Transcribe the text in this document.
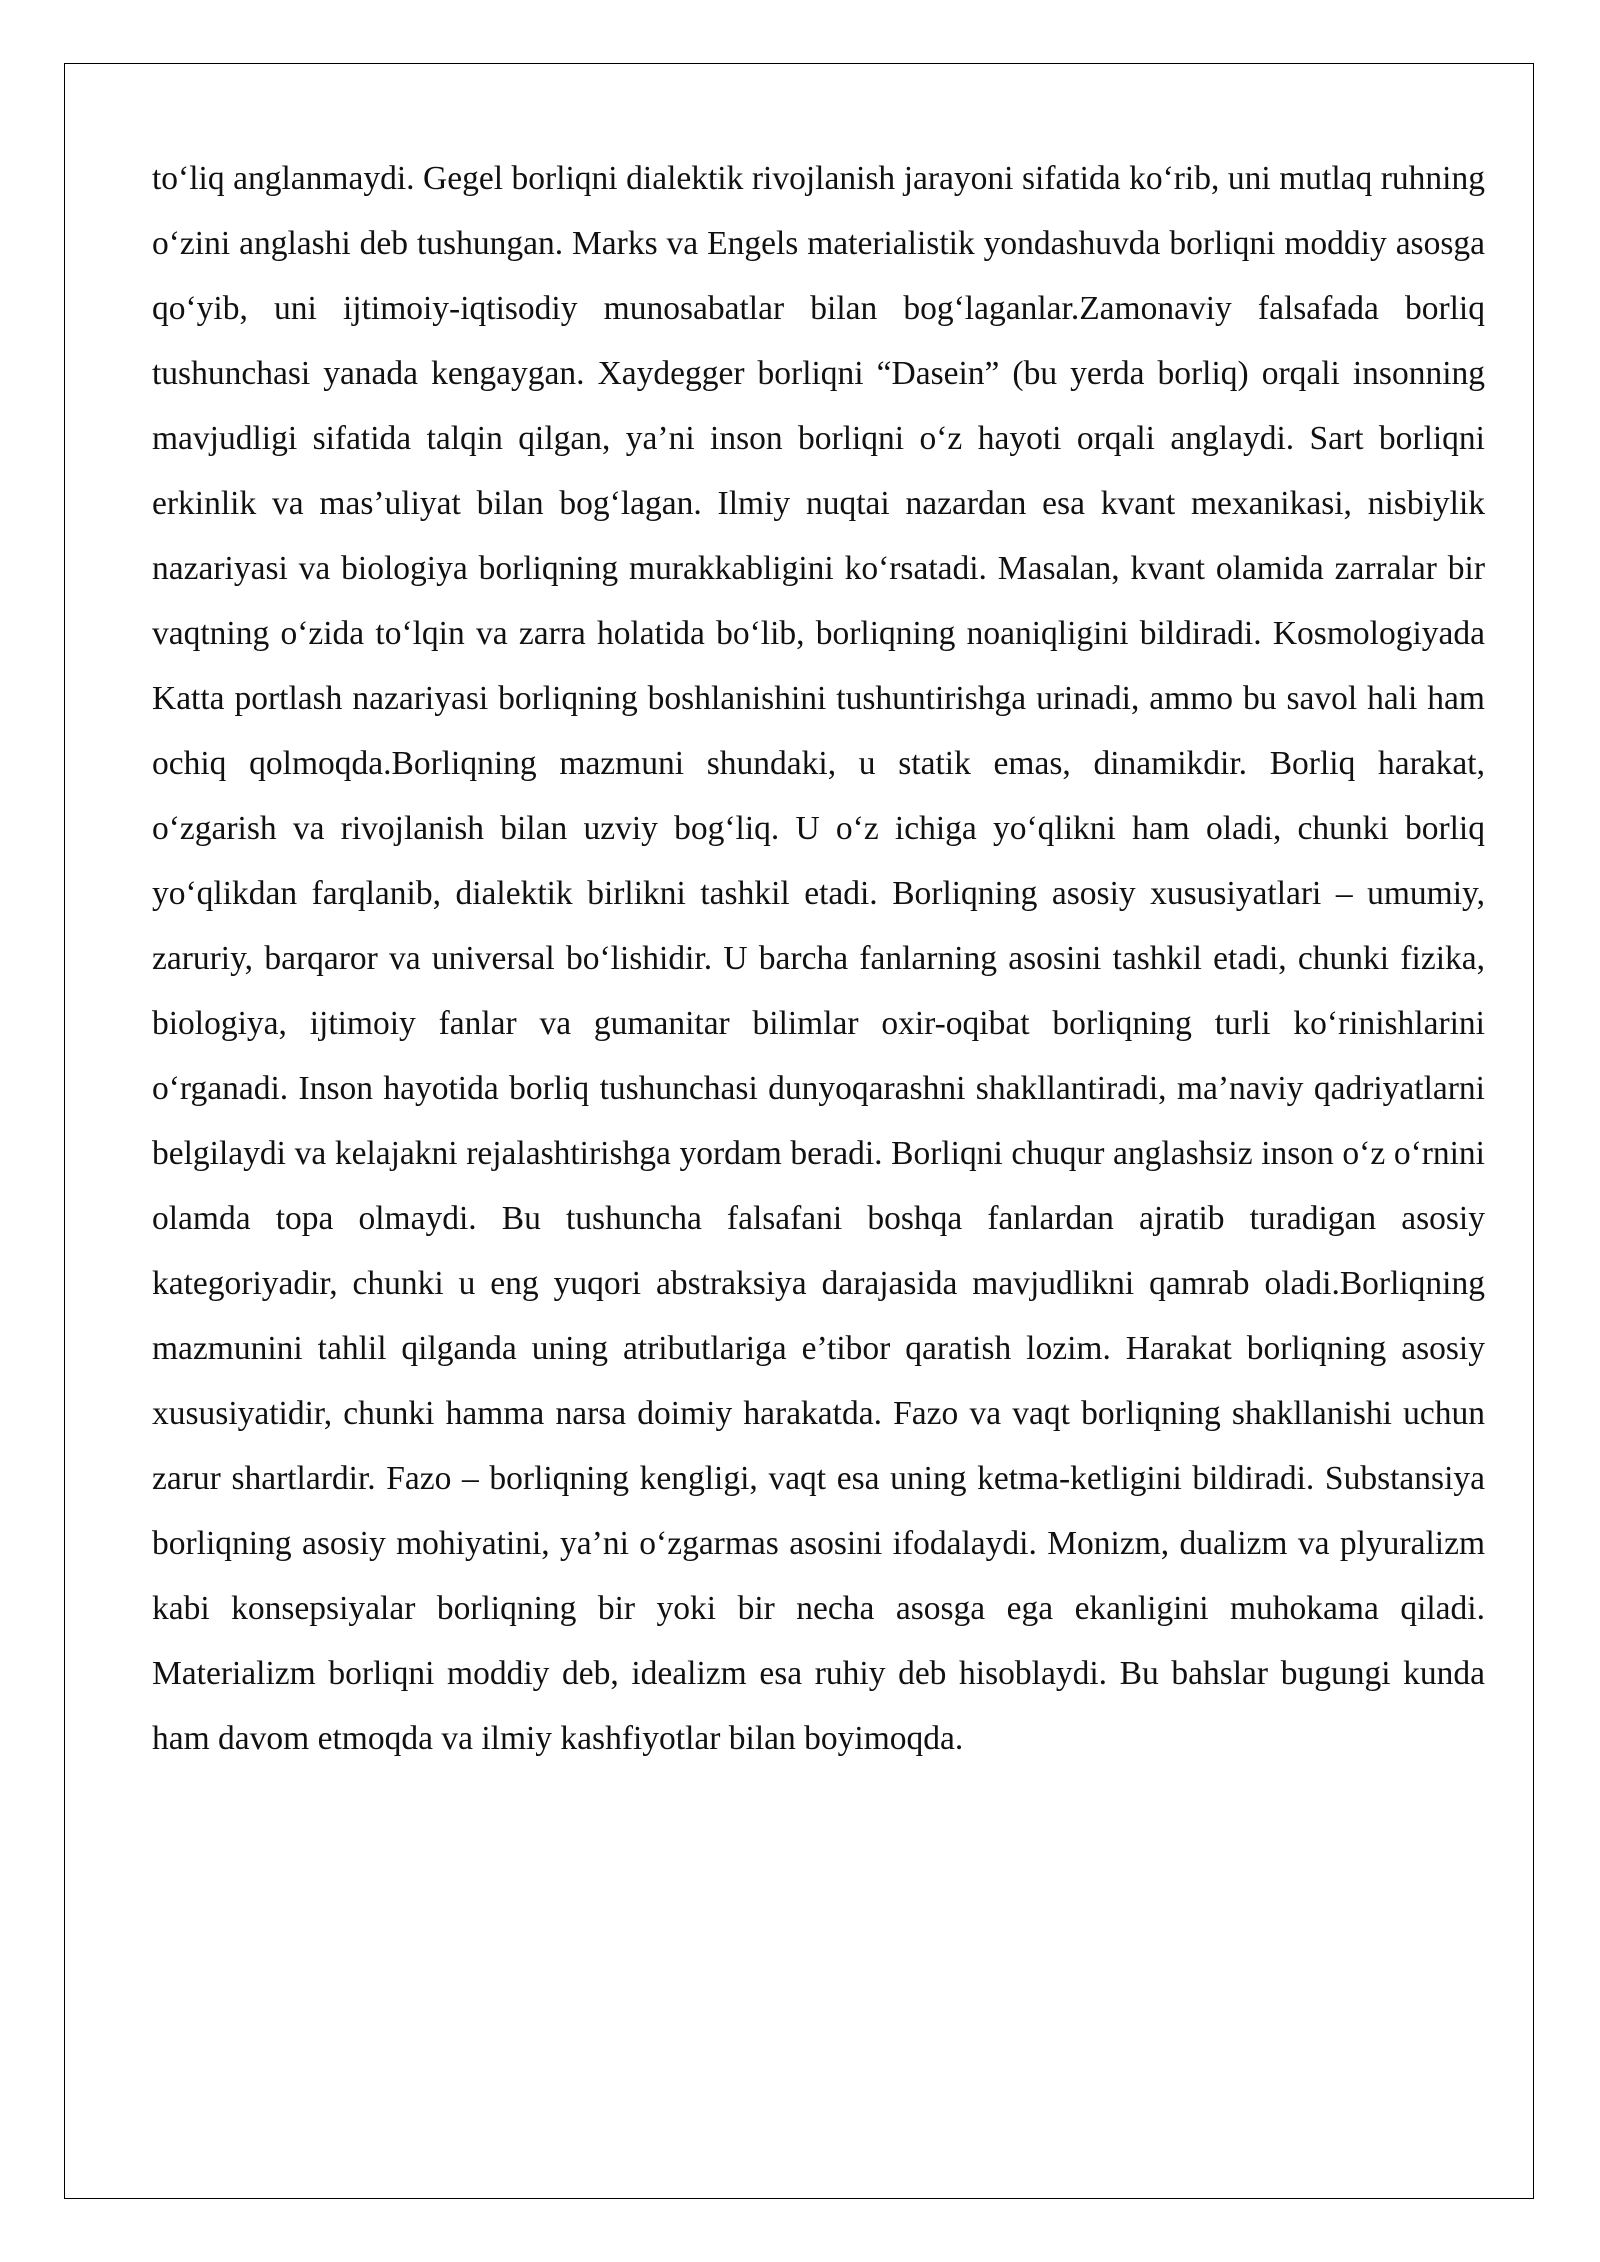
to‘liq anglanmaydi. Gegel borliqni dialektik rivojlanish jarayoni sifatida ko‘rib, uni mutlaq ruhning o‘zini anglashi deb tushungan. Marks va Engels materialistik yondashuvda borliqni moddiy asosga qo‘yib, uni ijtimoiy-iqtisodiy munosabatlar bilan bog‘laganlar.Zamonaviy falsafada borliq tushunchasi yanada kengaygan. Xaydegger borliqni “Dasein” (bu yerda borliq) orqali insonning mavjudligi sifatida talqin qilgan, ya’ni inson borliqni o‘z hayoti orqali anglaydi. Sart borliqni erkinlik va mas’uliyat bilan bog‘lagan. Ilmiy nuqtai nazardan esa kvant mexanikasi, nisbiylik nazariyasi va biologiya borliqning murakkabligini ko‘rsatadi. Masalan, kvant olamida zarralar bir vaqtning o‘zida to‘lqin va zarra holatida bo‘lib, borliqning noaniqligini bildiradi. Kosmologiyada Katta portlash nazariyasi borliqning boshlanishini tushuntirishga urinadi, ammo bu savol hali ham ochiq qolmoqda.Borliqning mazmuni shundaki, u statik emas, dinamikdir. Borliq harakat, o‘zgarish va rivojlanish bilan uzviy bog‘liq. U o‘z ichiga yo‘qlikni ham oladi, chunki borliq yo‘qlikdan farqlanib, dialektik birlikni tashkil etadi. Borliqning asosiy xususiyatlari – umumiy, zaruriy, barqaror va universal bo‘lishidir. U barcha fanlarning asosini tashkil etadi, chunki fizika, biologiya, ijtimoiy fanlar va gumanitar bilimlar oxir-oqibat borliqning turli ko‘rinishlarini o‘rganadi. Inson hayotida borliq tushunchasi dunyoqarashni shakllantiradi, ma’naviy qadriyatlarni belgilaydi va kelajakni rejalashtirishga yordam beradi. Borliqni chuqur anglashsiz inson o‘z o‘rnini olamda topa olmaydi. Bu tushuncha falsafani boshqa fanlardan ajratib turadigan asosiy kategoriyadir, chunki u eng yuqori abstraksiya darajasida mavjudlikni qamrab oladi.Borliqning mazmunini tahlil qilganda uning atributlariga e’tibor qaratish lozim. Harakat borliqning asosiy xususiyatidir, chunki hamma narsa doimiy harakatda. Fazo va vaqt borliqning shakllanishi uchun zarur shartlardir. Fazo – borliqning kengligi, vaqt esa uning ketma-ketligini bildiradi. Substansiya borliqning asosiy mohiyatini, ya’ni o‘zgarmas asosini ifodalaydi. Monizm, dualizm va plyuralizm kabi konsepsiyalar borliqning bir yoki bir necha asosga ega ekanligini muhokama qiladi. Materializm borliqni moddiy deb, idealizm esa ruhiy deb hisoblaydi. Bu bahslar bugungi kunda ham davom etmoqda va ilmiy kashfiyotlar bilan boyimoqda.
